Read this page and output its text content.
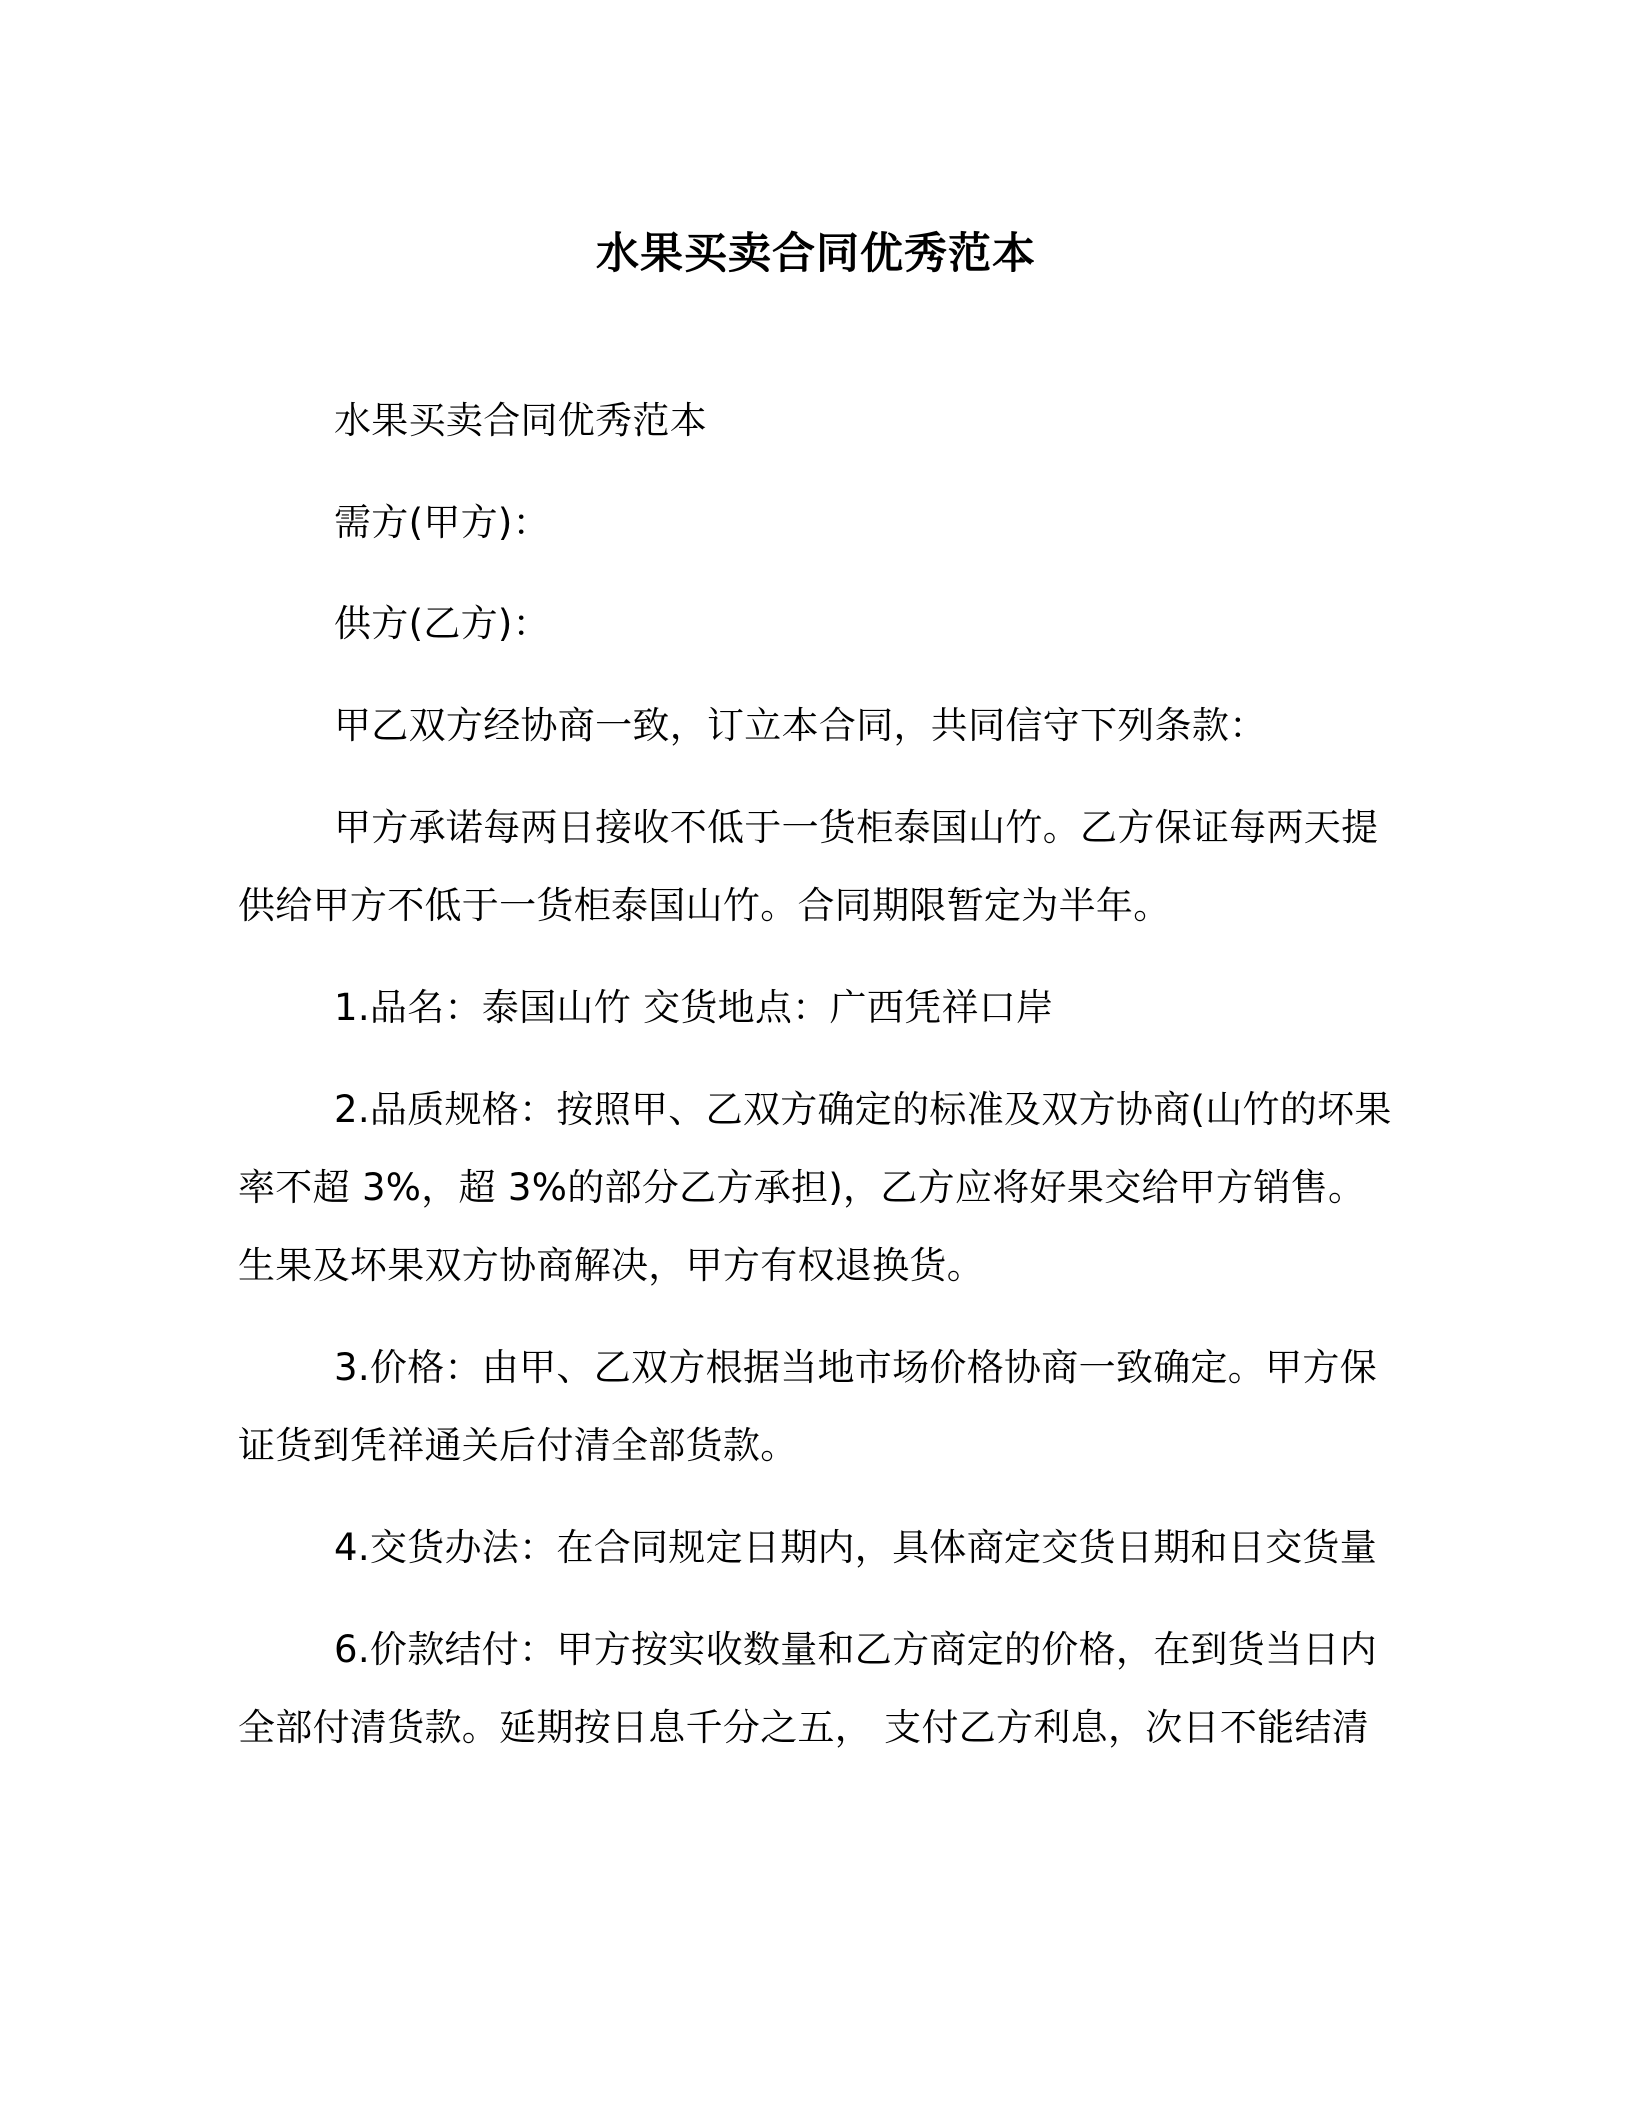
水果买卖合同优秀范本
水果买卖合同优秀范本
需方(甲方)：
供方(乙方)：
甲乙双方经协商一致，订立本合同，共同信守下列条款：
甲方承诺每两日接收不低于一货柜泰国山竹。乙方保证每两天提
供给甲方不低于一货柜泰国山竹。合同期限暂定为半年。
1.品名：泰国山竹 交货地点：广西凭祥口岸
2.品质规格：按照甲、乙双方确定的标准及双方协商(山竹的坏果
率不超 3%，超 3%的部分乙方承担)，乙方应将好果交给甲方销售。
生果及坏果双方协商解决，甲方有权退换货。
3.价格：由甲、乙双方根据当地市场价格协商一致确定。甲方保
证货到凭祥通关后付清全部货款。
4.交货办法：在合同规定日期内，具体商定交货日期和日交货量
6.价款结付：甲方按实收数量和乙方商定的价格，在到货当日内
全部付清货款。延期按日息千分之五， 支付乙方利息，次日不能结清
